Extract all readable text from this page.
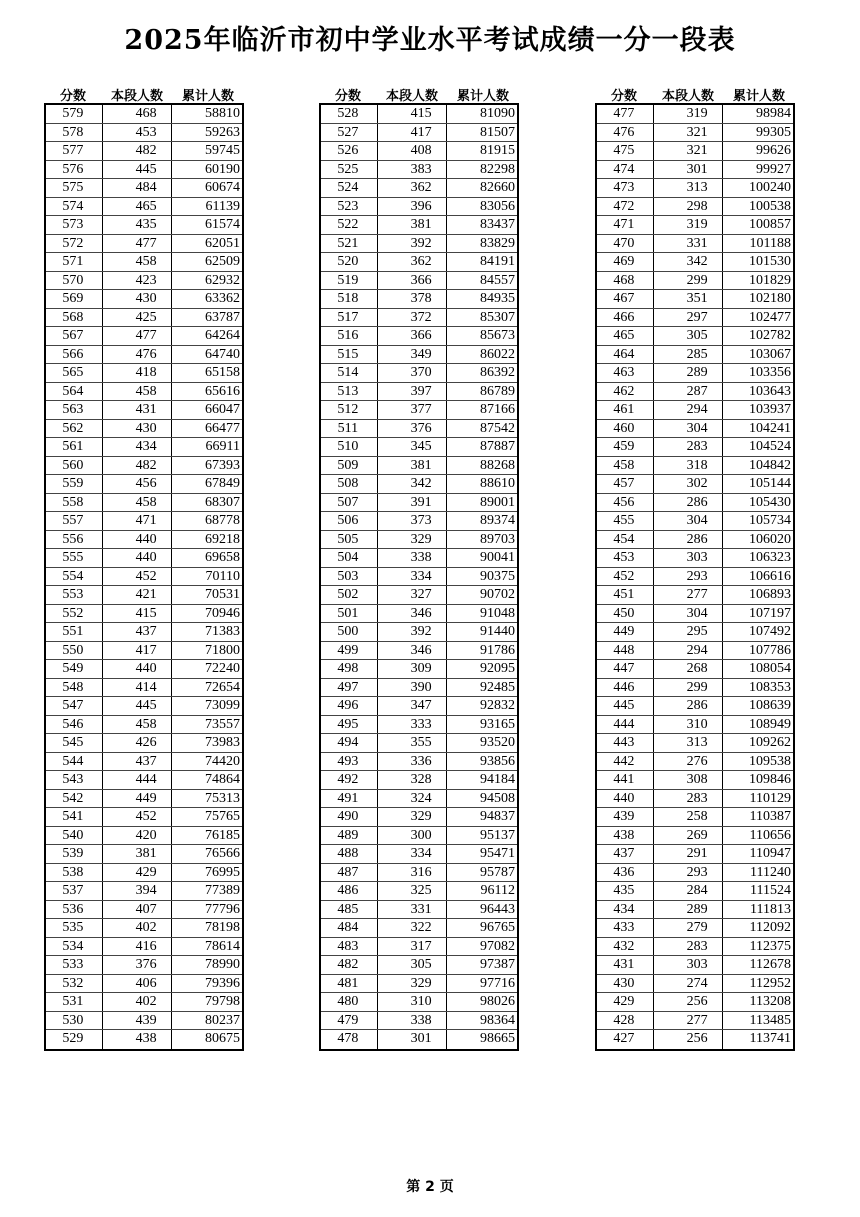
2025年临沂市初中学业水平考试成绩一分一段表
分数	本段人数	累计人数
579	468	58810
578	453	59263
577	482	59745
576	445	60190
575	484	60674
574	465	61139
573	435	61574
572	477	62051
571	458	62509
570	423	62932
569	430	63362
568	425	63787
567	477	64264
566	476	64740
565	418	65158
564	458	65616
563	431	66047
562	430	66477
561	434	66911
560	482	67393
559	456	67849
558	458	68307
557	471	68778
556	440	69218
555	440	69658
554	452	70110
553	421	70531
552	415	70946
551	437	71383
550	417	71800
549	440	72240
548	414	72654
547	445	73099
546	458	73557
545	426	73983
544	437	74420
543	444	74864
542	449	75313
541	452	75765
540	420	76185
539	381	76566
538	429	76995
537	394	77389
536	407	77796
535	402	78198
534	416	78614
533	376	78990
532	406	79396
531	402	79798
530	439	80237
529	438	80675
分数	本段人数	累计人数
528	415	81090
527	417	81507
526	408	81915
525	383	82298
524	362	82660
523	396	83056
522	381	83437
521	392	83829
520	362	84191
519	366	84557
518	378	84935
517	372	85307
516	366	85673
515	349	86022
514	370	86392
513	397	86789
512	377	87166
511	376	87542
510	345	87887
509	381	88268
508	342	88610
507	391	89001
506	373	89374
505	329	89703
504	338	90041
503	334	90375
502	327	90702
501	346	91048
500	392	91440
499	346	91786
498	309	92095
497	390	92485
496	347	92832
495	333	93165
494	355	93520
493	336	93856
492	328	94184
491	324	94508
490	329	94837
489	300	95137
488	334	95471
487	316	95787
486	325	96112
485	331	96443
484	322	96765
483	317	97082
482	305	97387
481	329	97716
480	310	98026
479	338	98364
478	301	98665
分数	本段人数	累计人数
477	319	98984
476	321	99305
475	321	99626
474	301	99927
473	313	100240
472	298	100538
471	319	100857
470	331	101188
469	342	101530
468	299	101829
467	351	102180
466	297	102477
465	305	102782
464	285	103067
463	289	103356
462	287	103643
461	294	103937
460	304	104241
459	283	104524
458	318	104842
457	302	105144
456	286	105430
455	304	105734
454	286	106020
453	303	106323
452	293	106616
451	277	106893
450	304	107197
449	295	107492
448	294	107786
447	268	108054
446	299	108353
445	286	108639
444	310	108949
443	313	109262
442	276	109538
441	308	109846
440	283	110129
439	258	110387
438	269	110656
437	291	110947
436	293	111240
435	284	111524
434	289	111813
433	279	112092
432	283	112375
431	303	112678
430	274	112952
429	256	113208
428	277	113485
427	256	113741
第 2 页
